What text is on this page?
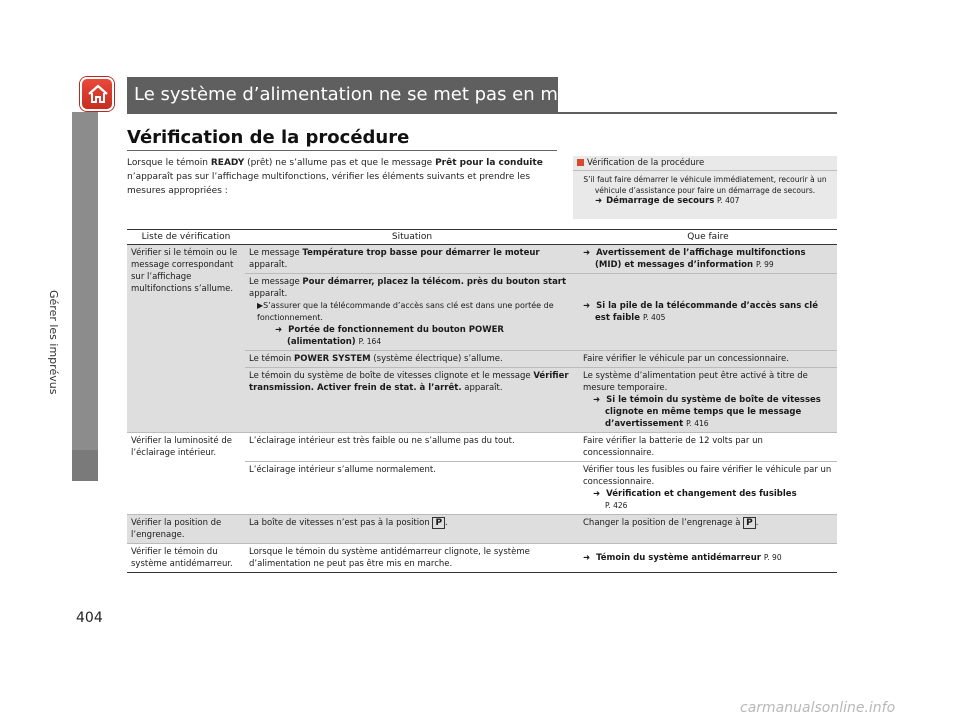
Gérer les imprévus
Le système d’alimentation ne se met pas en marche
Vérification de la procédure
Lorsque le témoin READY (prêt) ne s’allume pas et que le message Prêt pour la conduite n’apparaît pas sur l’affichage multifonctions, vérifier les éléments suivants et prendre les mesures appropriées :
Vérification de la procédure
S’il faut faire démarrer le véhicule immédiatement, recourir à un véhicule d’assistance pour faire un démarrage de secours.
➜ Démarrage de secours P. 407
Liste de vérification	Situation	Que faire
Vérifier si le témoin ou le message correspondant sur l’affichage multifonctions s’allume.	Le message Température trop basse pour démarrer le moteur apparaît.	➜ Avertissement de l’affichage multifonctions (MID) et messages d’information P. 99

	Le message Pour démarrer, placez la télécom. près du bouton start apparaît.
▶S’assurer que la télécommande d’accès sans clé est dans une portée de fonctionnement.
➜ Portée de fonctionnement du bouton POWER (alimentation) P. 164	➜ Si la pile de la télécommande d’accès sans clé est faible P. 405

	Le témoin POWER SYSTEM (système électrique) s’allume.	Faire vérifier le véhicule par un concessionnaire.
	Le témoin du système de boîte de vitesses clignote et le message Vérifier transmission. Activer frein de stat. à l’arrêt. apparaît.	Le système d’alimentation peut être activé à titre de mesure temporaire.
➜ Si le témoin du système de boîte de vitesses clignote en même temps que le message d’avertissement P. 416

Vérifier la luminosité de l’éclairage intérieur.	L’éclairage intérieur est très faible ou ne s’allume pas du tout.	Faire vérifier la batterie de 12 volts par un concessionnaire.
	L’éclairage intérieur s’allume normalement.	Vérifier tous les fusibles ou faire vérifier le véhicule par un concessionnaire.
➜ Vérification et changement des fusibles
P. 426

Vérifier la position de l’engrenage.	La boîte de vitesses n’est pas à la position P .	Changer la position de l’engrenage à P .
Vérifier le témoin du système antidémarreur.	Lorsque le témoin du système antidémarreur clignote, le système d’alimentation ne peut pas être mis en marche.	➜ Témoin du système antidémarreur P. 90
404
carmanualsonline.info
